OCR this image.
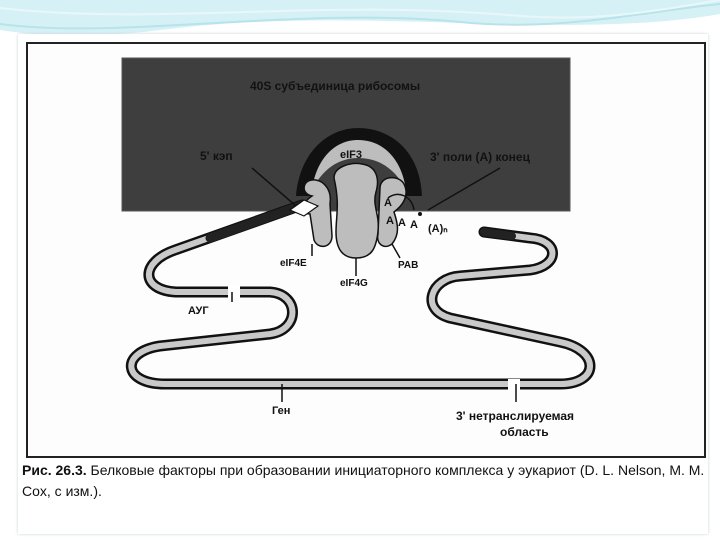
40S субъединица рибосомы
5' кэп	eIF3	3' поли (A) конец
A
A A A (A)ₙ
eIF4E	PAB
eIF4G
АУГ
Ген	3' нетранслируемая
область
Рис. 26.3. Белковые факторы при образовании инициаторного комплекса у эукариот (D. L. Nelson, M. M. Cox, с изм.).
